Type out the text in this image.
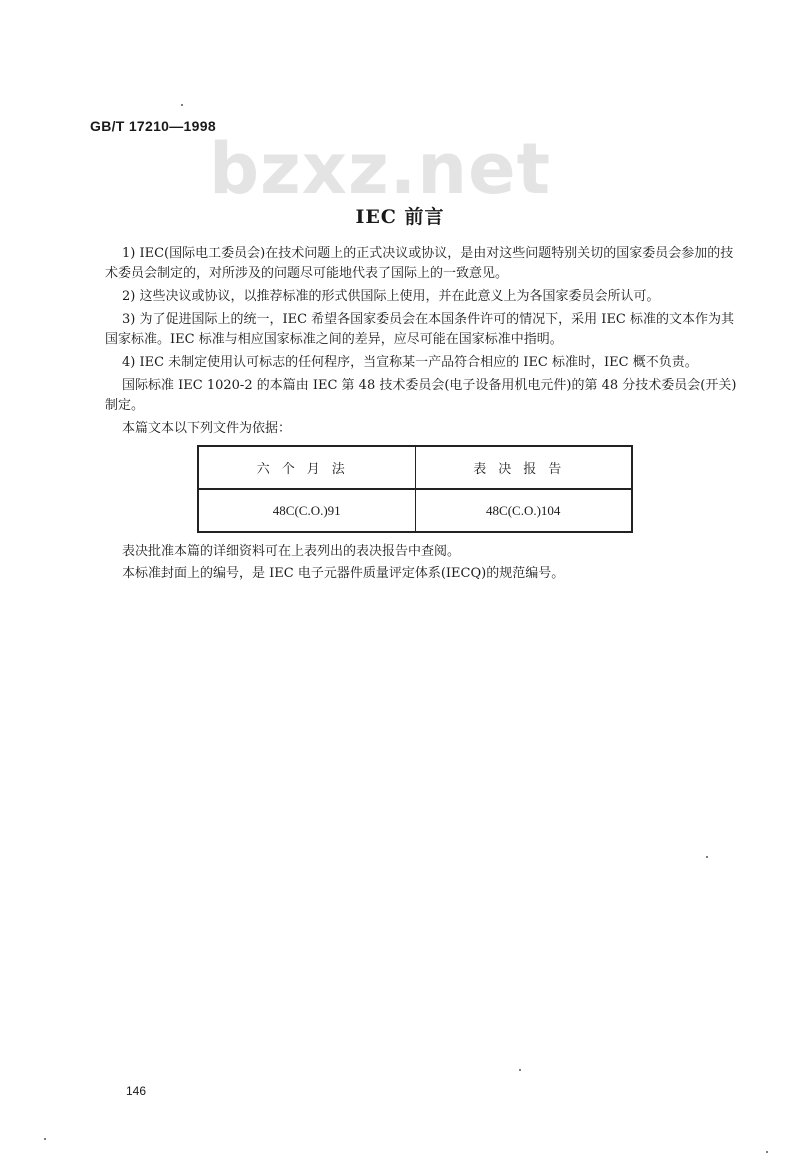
GB/T 17210—1998
bzxz.net
IEC 前言

1) IEC(国际电工委员会)在技术问题上的正式决议或协议，是由对这些问题特别关切的国家委员会参加的技术委员会制定的，对所涉及的问题尽可能地代表了国际上的一致意见。

2) 这些决议或协议，以推荐标准的形式供国际上使用，并在此意义上为各国家委员会所认可。

3) 为了促进国际上的统一，IEC 希望各国家委员会在本国条件许可的情况下，采用 IEC 标准的文本作为其国家标准。IEC 标准与相应国家标准之间的差异，应尽可能在国家标准中指明。

4) IEC 未制定使用认可标志的任何程序，当宣称某一产品符合相应的 IEC 标准时，IEC 概不负责。

国际标准 IEC 1020-2 的本篇由 IEC 第 48 技术委员会(电子设备用机电元件)的第 48 分技术委员会(开关)制定。

本篇文本以下列文件为依据：

六个月法	表决报告
48C(C.O.)91	48C(C.O.)104
表决批准本篇的详细资料可在上表列出的表决报告中查阅。
本标准封面上的编号，是 IEC 电子元器件质量评定体系(IECQ)的规范编号。
146
